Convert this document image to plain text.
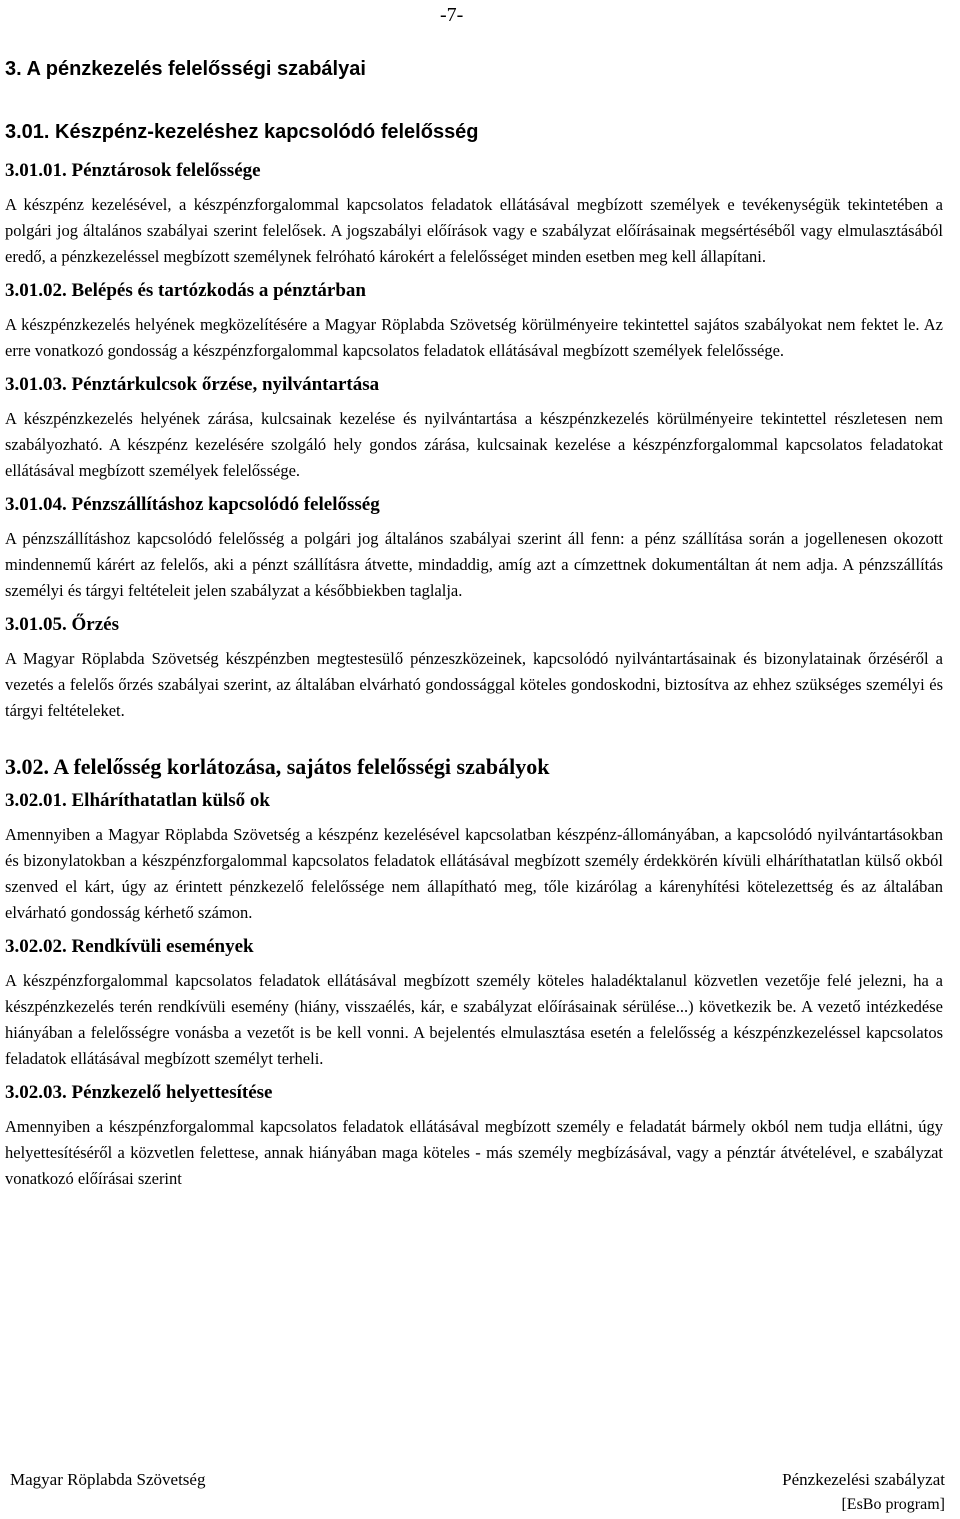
-7-
3. A pénzkezelés felelősségi szabályai
3.01. Készpénz-kezeléshez kapcsolódó felelősség
3.01.01. Pénztárosok felelőssége

A készpénz kezelésével, a készpénzforgalommal kapcsolatos feladatok ellátásával megbízott személyek e tevékenységük tekintetében a polgári jog általános szabályai szerint felelősek. A jogszabályi előírások vagy e szabályzat előírásainak megsértéséből vagy elmulasztásából eredő, a pénzkezeléssel megbízott személynek felróható károkért a felelősséget minden esetben meg kell állapítani.

3.01.02. Belépés és tartózkodás a pénztárban

A készpénzkezelés helyének megközelítésére a Magyar Röplabda Szövetség körülményeire tekintettel sajátos szabályokat nem fektet le. Az erre vonatkozó gondosság a készpénzforgalommal kapcsolatos feladatok ellátásával megbízott személyek felelőssége.

3.01.03. Pénztárkulcsok őrzése, nyilvántartása

A készpénzkezelés helyének zárása, kulcsainak kezelése és nyilvántartása a készpénzkezelés körülményeire tekintettel részletesen nem szabályozható. A készpénz kezelésére szolgáló hely gondos zárása, kulcsainak kezelése a készpénzforgalommal kapcsolatos feladatokat ellátásával megbízott személyek felelőssége.

3.01.04. Pénzszállításhoz kapcsolódó felelősség

A pénzszállításhoz kapcsolódó felelősség a polgári jog általános szabályai szerint áll fenn: a pénz szállítása során a jogellenesen okozott mindennemű kárért az felelős, aki a pénzt szállításra átvette, mindaddig, amíg azt a címzettnek dokumentáltan át nem adja. A pénzszállítás személyi és tárgyi feltételeit jelen szabályzat a későbbiekben taglalja.

3.01.05. Őrzés

A Magyar Röplabda Szövetség készpénzben megtestesülő pénzeszközeinek, kapcsolódó nyilvántartásainak és bizonylatainak őrzéséről a vezetés a felelős őrzés szabályai szerint, az általában elvárható gondossággal köteles gondoskodni, biztosítva az ehhez szükséges személyi és tárgyi feltételeket.

3.02. A felelősség korlátozása, sajátos felelősségi szabályok
3.02.01. Elháríthatatlan külső ok

Amennyiben a Magyar Röplabda Szövetség a készpénz kezelésével kapcsolatban készpénz-állományában, a kapcsolódó nyilvántartásokban és bizonylatokban a készpénzforgalommal kapcsolatos feladatok ellátásával megbízott személy érdekkörén kívüli elháríthatatlan külső okból szenved el kárt, úgy az érintett pénzkezelő felelőssége nem állapítható meg, tőle kizárólag a kárenyhítési kötelezettség és az általában elvárható gondosság kérhető számon.

3.02.02. Rendkívüli események

A készpénzforgalommal kapcsolatos feladatok ellátásával megbízott személy köteles haladéktalanul közvetlen vezetője felé jelezni, ha a készpénzkezelés terén rendkívüli esemény (hiány, visszaélés, kár, e szabályzat előírásainak sérülése...) következik be. A vezető intézkedése hiányában a felelősségre vonásba a vezetőt is be kell vonni. A bejelentés elmulasztása esetén a felelősség a készpénzkezeléssel kapcsolatos feladatok ellátásával megbízott személyt terheli.

3.02.03. Pénzkezelő helyettesítése

Amennyiben a készpénzforgalommal kapcsolatos feladatok ellátásával megbízott személy e feladatát bármely okból nem tudja ellátni, úgy helyettesítéséről a közvetlen felettese, annak hiányában maga köteles - más személy megbízásával, vagy a pénztár átvételével, e szabályzat vonatkozó előírásai szerint

Magyar Röplabda Szövetség	Pénzkezelési szabályzat
[EsBo program]
